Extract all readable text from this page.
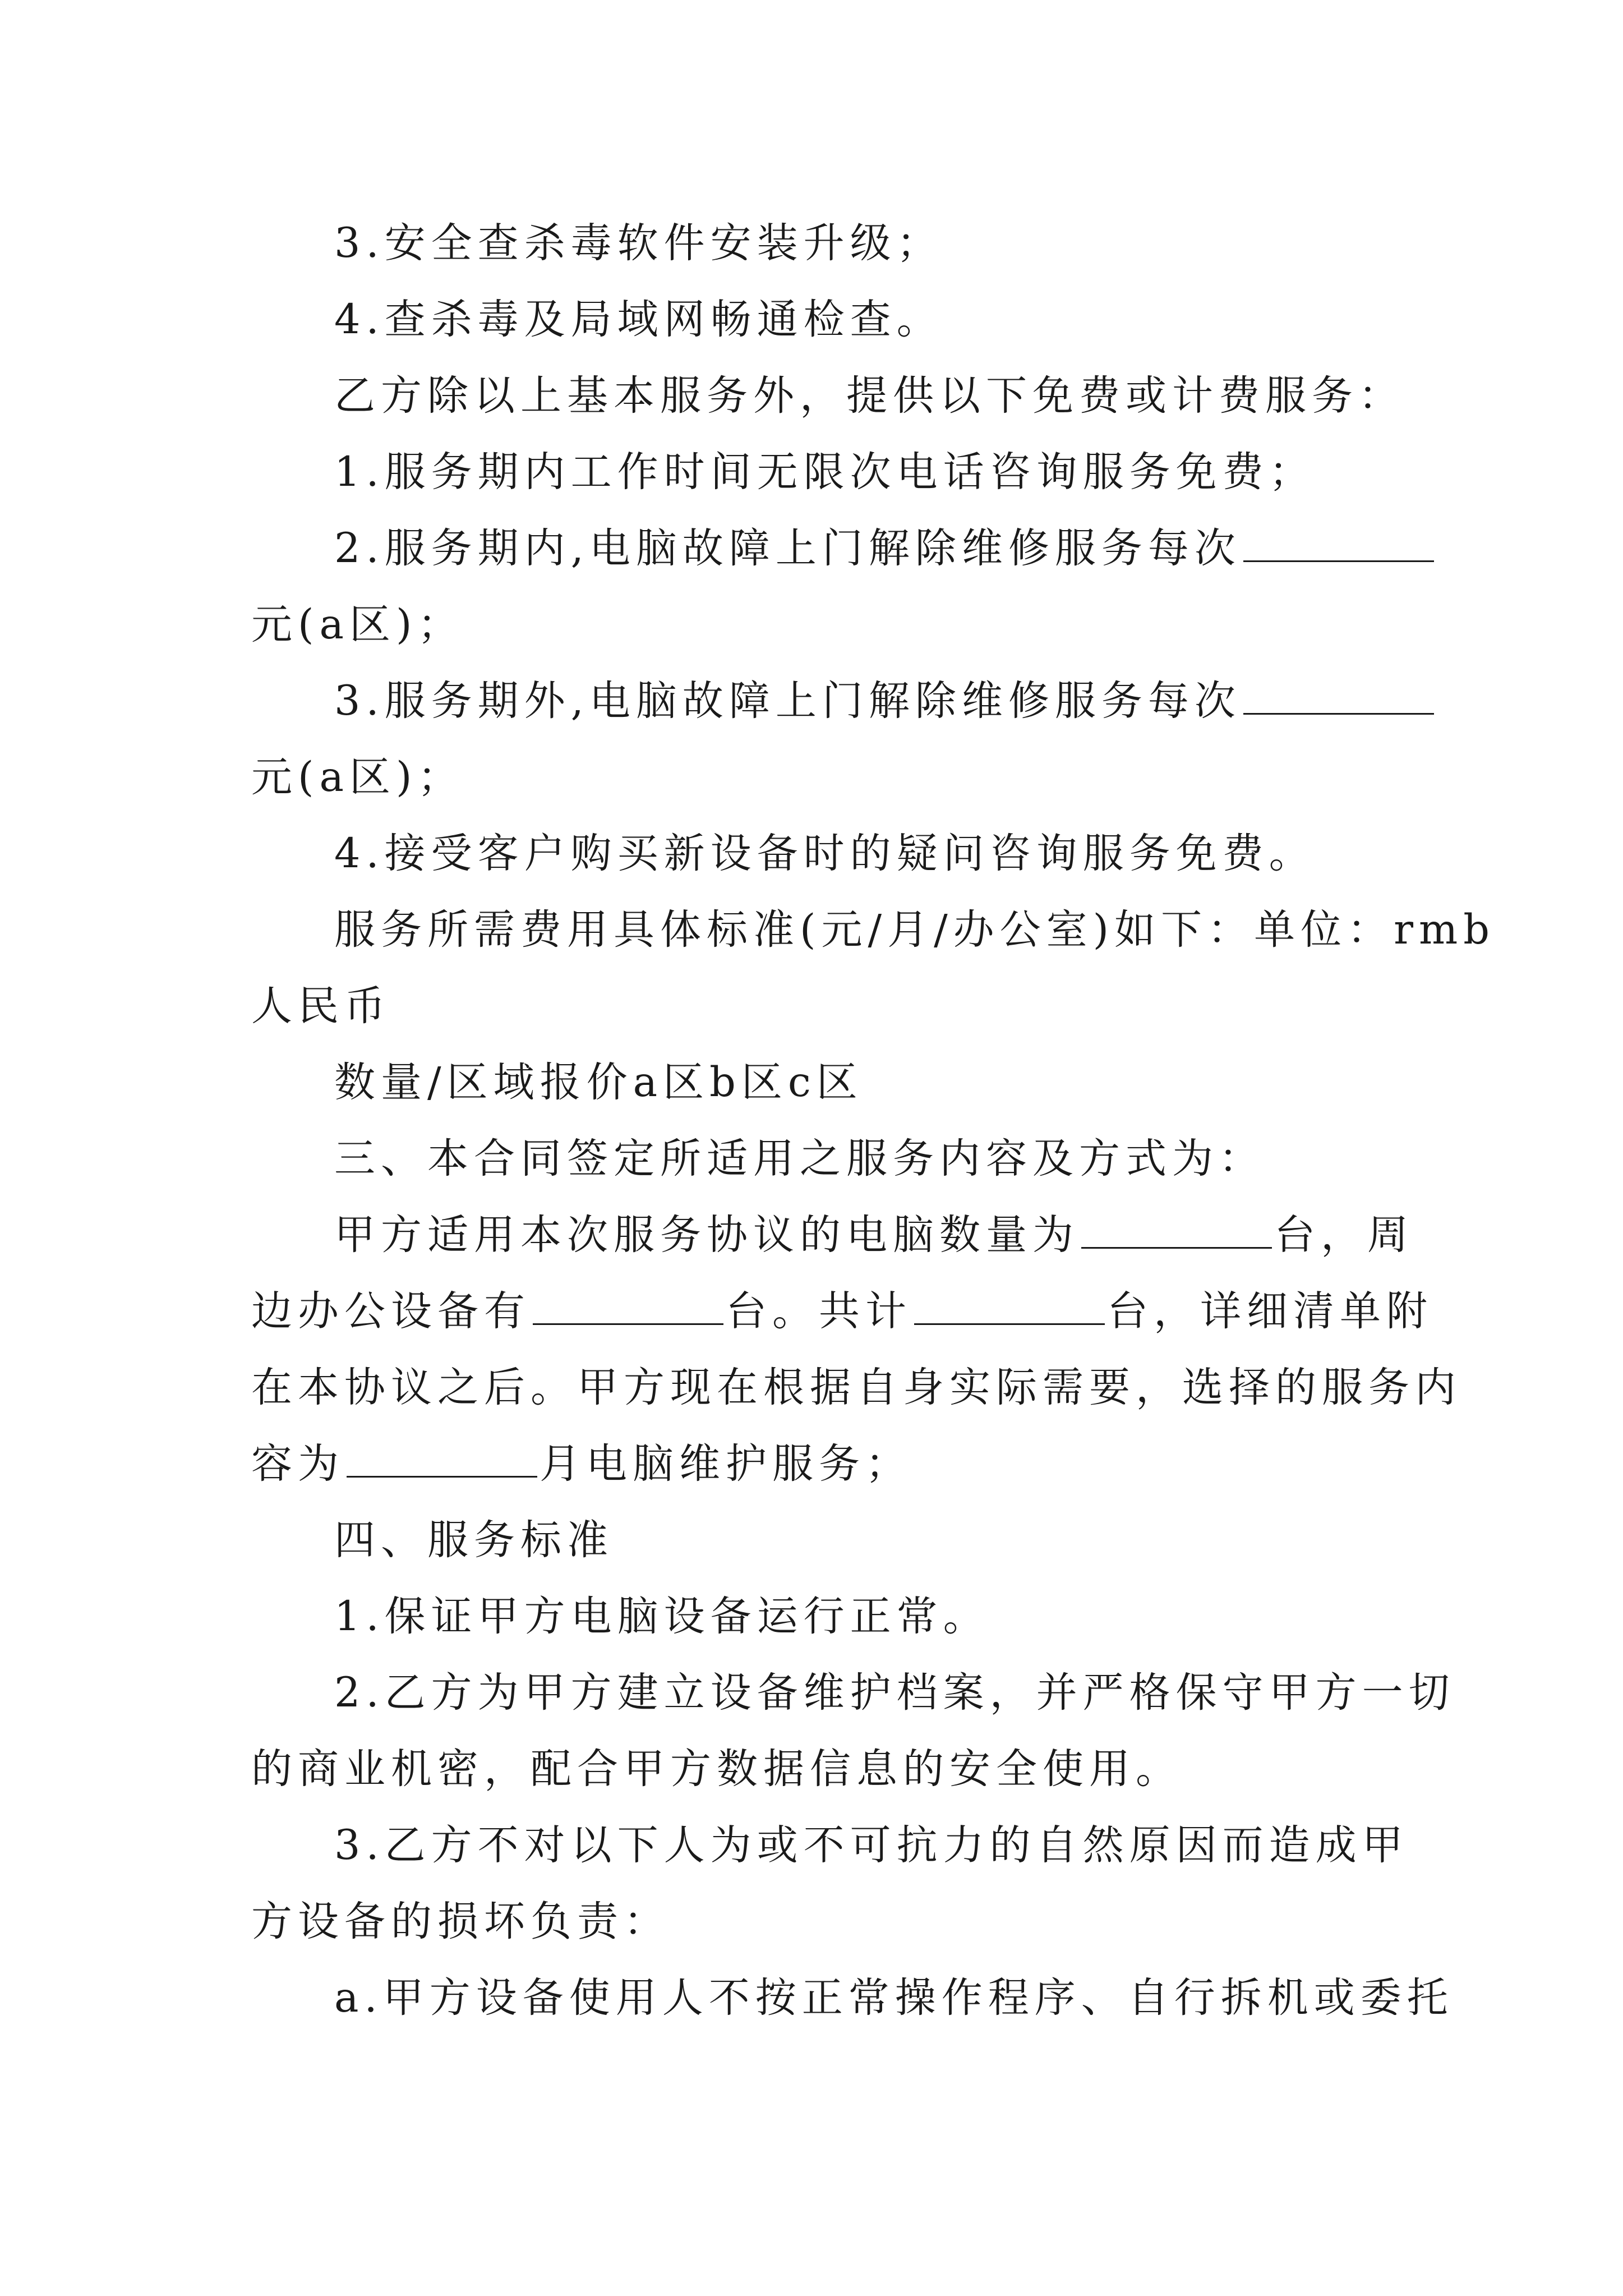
3.安全查杀毒软件安装升级；
4.查杀毒及局域网畅通检查。
乙方除以上基本服务外，提供以下免费或计费服务：
1.服务期内工作时间无限次电话咨询服务免费；
2.服务期内,电脑故障上门解除维修服务每次
元(a区)；
3.服务期外,电脑故障上门解除维修服务每次
元(a区)；
4.接受客户购买新设备时的疑问咨询服务免费。
服务所需费用具体标准(元/月/办公室)如下：单位：rmb
人民币
数量/区域报价a区b区c区
三、本合同签定所适用之服务内容及方式为：
甲方适用本次服务协议的电脑数量为	台，周
边办公设备有	台。共计	台，详细清单附
在本协议之后。甲方现在根据自身实际需要，选择的服务内
容为	月电脑维护服务；
四、服务标准
1.保证甲方电脑设备运行正常。
2.乙方为甲方建立设备维护档案，并严格保守甲方一切
的商业机密，配合甲方数据信息的安全使用。
3.乙方不对以下人为或不可抗力的自然原因而造成甲
方设备的损坏负责：
a.甲方设备使用人不按正常操作程序、自行拆机或委托
